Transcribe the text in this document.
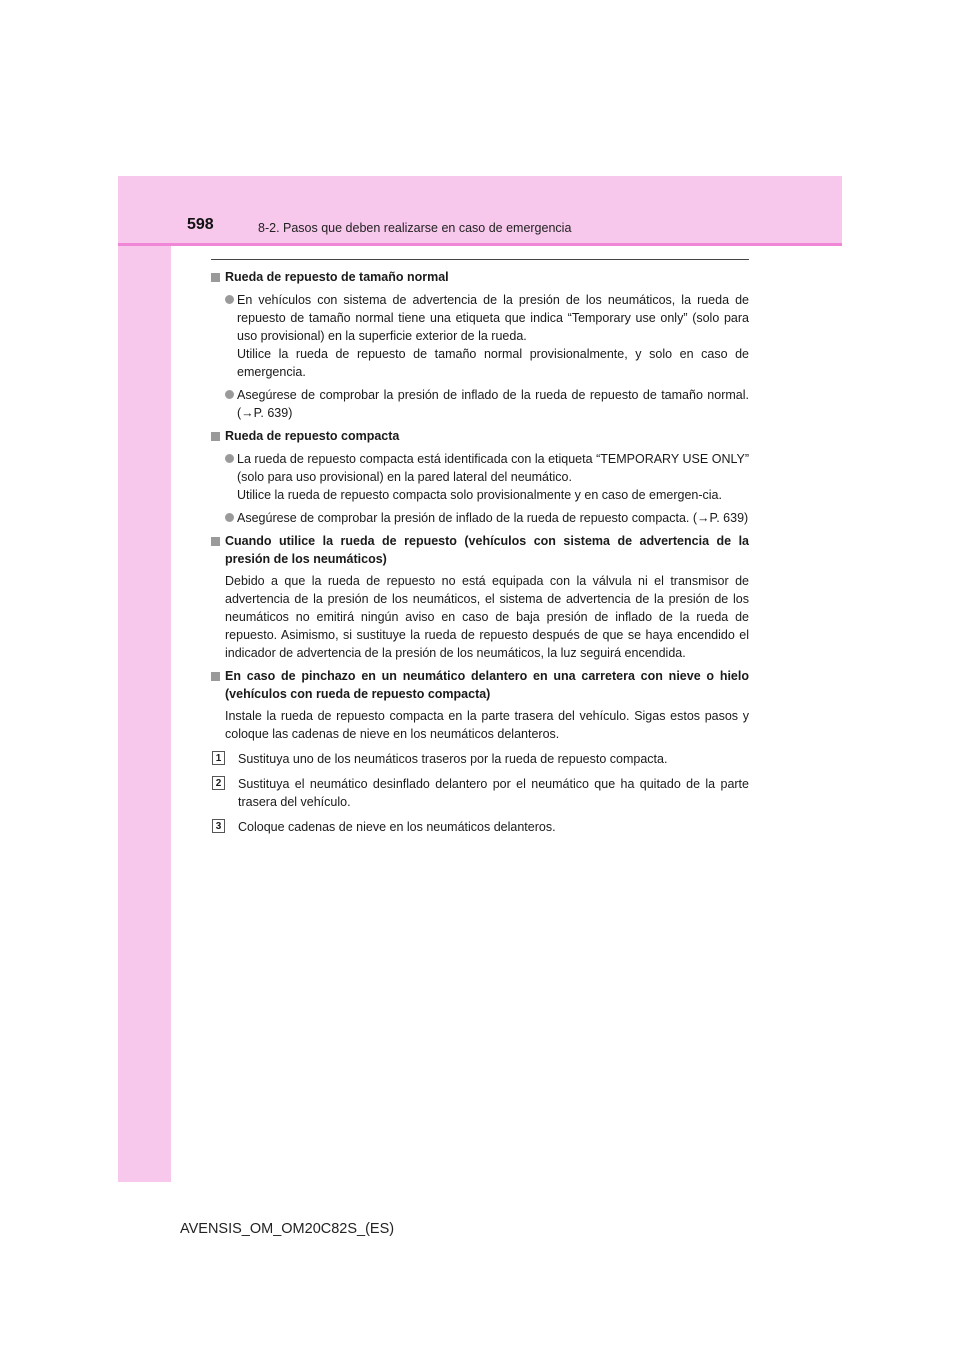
598	8-2. Pasos que deben realizarse en caso de emergencia
Rueda de repuesto de tamaño normal
En vehículos con sistema de advertencia de la presión de los neumáticos, la rueda de repuesto de tamaño normal tiene una etiqueta que indica “Temporary use only” (solo para uso provisional) en la superficie exterior de la rueda.
Utilice la rueda de repuesto de tamaño normal provisionalmente, y solo en caso de emergencia.
Asegúrese de comprobar la presión de inflado de la rueda de repuesto de tamaño normal. (→P. 639)
Rueda de repuesto compacta
La rueda de repuesto compacta está identificada con la etiqueta “TEMPORARY USE ONLY” (solo para uso provisional) en la pared lateral del neumático.
Utilice la rueda de repuesto compacta solo provisionalmente y en caso de emergen-cia.
Asegúrese de comprobar la presión de inflado de la rueda de repuesto compacta. (→P. 639)
Cuando utilice la rueda de repuesto (vehículos con sistema de advertencia de la presión de los neumáticos)
Debido a que la rueda de repuesto no está equipada con la válvula ni el transmisor de advertencia de la presión de los neumáticos, el sistema de advertencia de la presión de los neumáticos no emitirá ningún aviso en caso de baja presión de inflado de la rueda de repuesto. Asimismo, si sustituye la rueda de repuesto después de que se haya encendido el indicador de advertencia de la presión de los neumáticos, la luz seguirá encendida.
En caso de pinchazo en un neumático delantero en una carretera con nieve o hielo (vehículos con rueda de repuesto compacta)
Instale la rueda de repuesto compacta en la parte trasera del vehículo. Sigas estos pasos y coloque las cadenas de nieve en los neumáticos delanteros.
1 Sustituya uno de los neumáticos traseros por la rueda de repuesto compacta.
2 Sustituya el neumático desinflado delantero por el neumático que ha quitado de la parte trasera del vehículo.
3 Coloque cadenas de nieve en los neumáticos delanteros.
AVENSIS_OM_OM20C82S_(ES)
